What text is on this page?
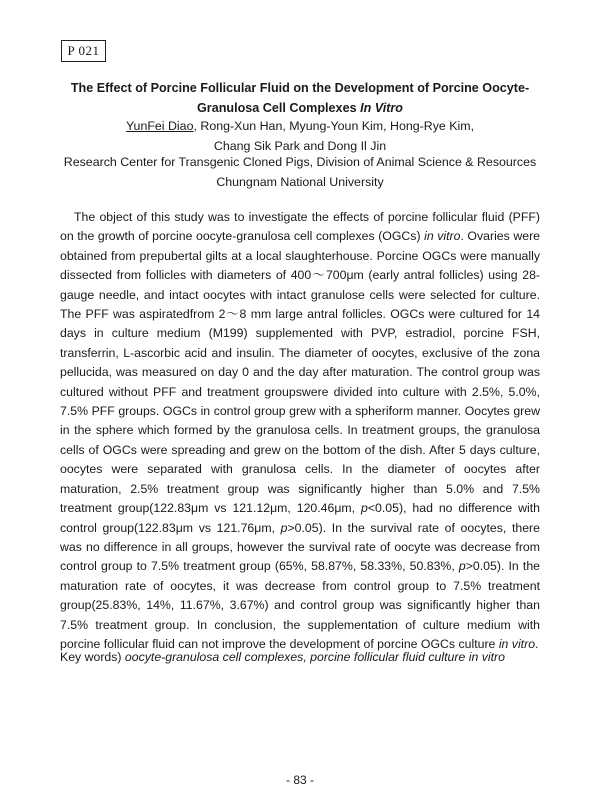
P 021
The Effect of Porcine Follicular Fluid on the Development of Porcine Oocyte-Granulosa Cell Complexes In Vitro
YunFei Diao, Rong-Xun Han, Myung-Youn Kim, Hong-Rye Kim,
Chang Sik Park and Dong Il Jin
Research Center for Transgenic Cloned Pigs, Division of Animal Science & Resources
Chungnam National University

The object of this study was to investigate the effects of porcine follicular fluid (PFF) on the growth of porcine oocyte-granulosa cell complexes (OGCs) in vitro. Ovaries were obtained from prepubertal gilts at a local slaughterhouse. Porcine OGCs were manually dissected from follicles with diameters of 400～700μm (early antral follicles) using 28-gauge needle, and intact oocytes with intact granulose cells were selected for culture. The PFF was aspiratedfrom 2～8 mm large antral follicles. OGCs were cultured for 14 days in culture medium (M199) supplemented with PVP, estradiol, porcine FSH, transferrin, L-ascorbic acid and insulin. The diameter of oocytes, exclusive of the zona pellucida, was measured on day 0 and the day after maturation. The control group was cultured without PFF and treatment groupswere divided into culture with 2.5%, 5.0%, 7.5% PFF groups. OGCs in control group grew with a spheriform manner. Oocytes grew in the sphere which formed by the granulosa cells. In treatment groups, the granulosa cells of OGCs were spreading and grew on the bottom of the dish. After 5 days culture, oocytes were separated with granulosa cells. In the diameter of oocytes after maturation, 2.5% treatment group was significantly higher than 5.0% and 7.5% treatment group(122.83μm vs 121.12μm, 120.46μm, p<0.05), had no difference with control group(122.83μm vs 121.76μm, p>0.05). In the survival rate of oocytes, there was no difference in all groups, however the survival rate of oocyte was decrease from control group to 7.5% treatment group (65%, 58.87%, 58.33%, 50.83%, p>0.05). In the maturation rate of oocytes, it was decrease from control group to 7.5% treatment group(25.83%, 14%, 11.67%, 3.67%) and control group was significantly higher than 7.5% treatment group. In conclusion, the supplementation of culture medium with porcine follicular fluid can not improve the development of porcine OGCs culture in vitro.

Key words) oocyte-granulosa cell complexes, porcine follicular fluid culture in vitro

- 83 -
